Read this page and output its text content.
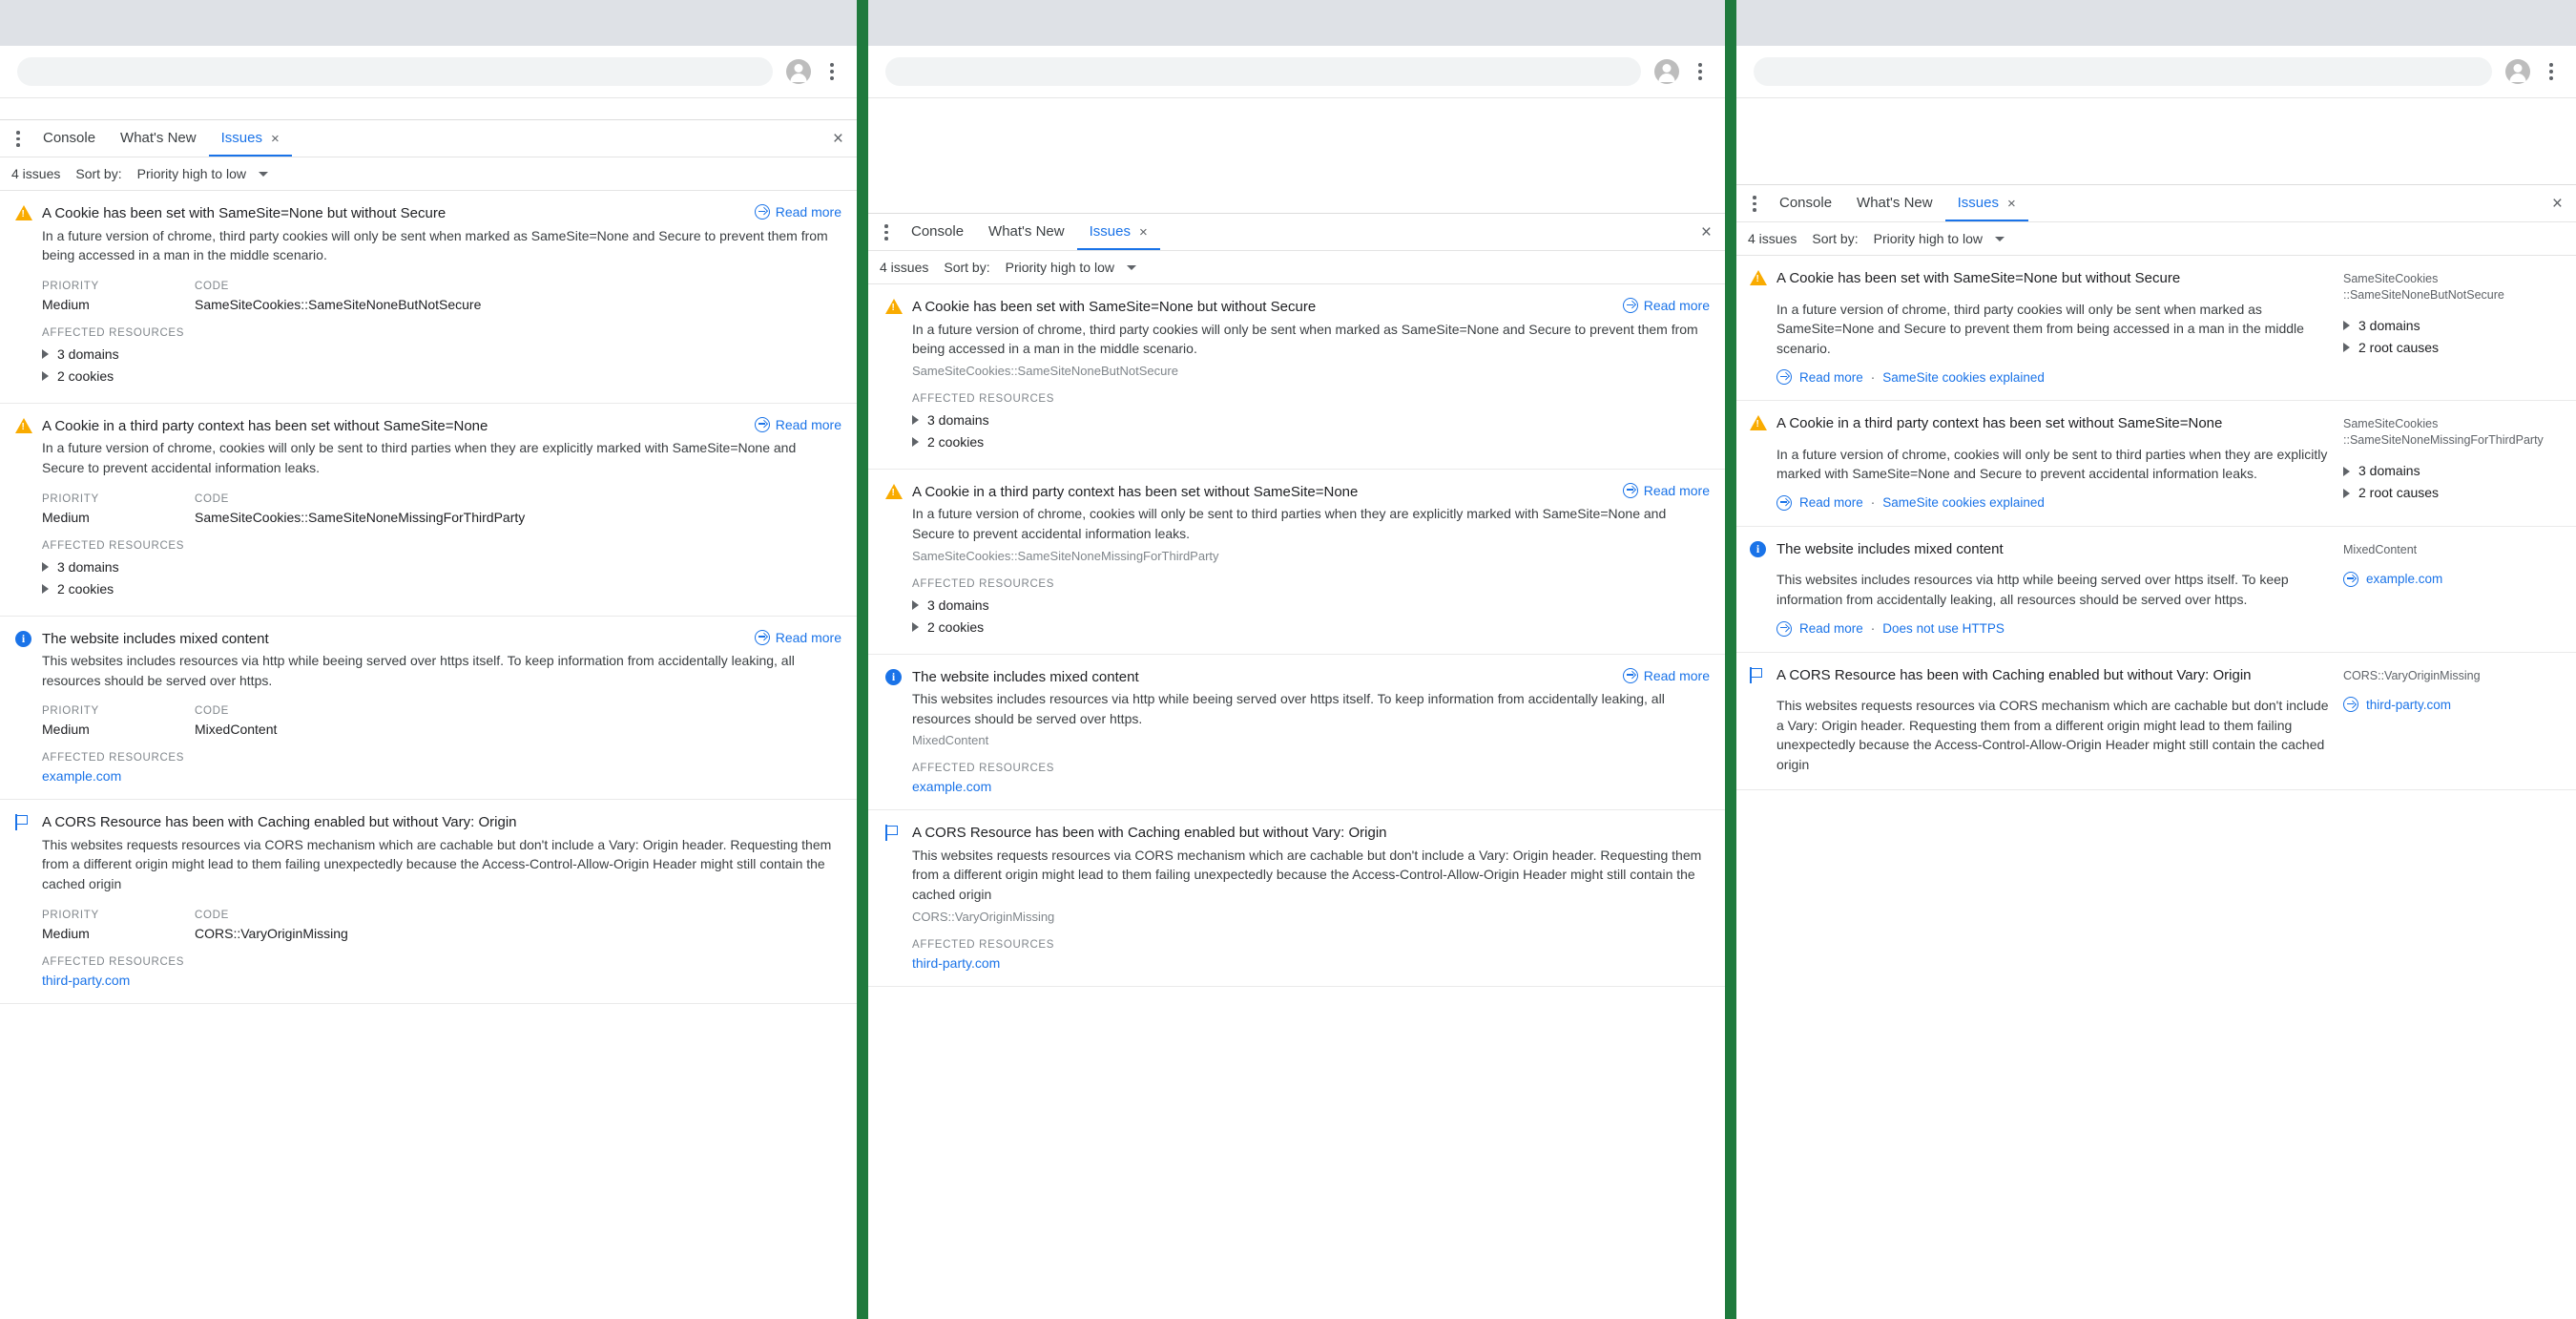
Console	What's New	Issues ×	×
4 issues Sort by: Priority high to low
!
A Cookie has been set with SameSite=None but without Secure	Read more
In a future version of chrome, third party cookies will only be sent when marked as SameSite=None and Secure to prevent them from being accessed in a man in the middle scenario.
PRIORITY
Medium
CODE
SameSiteCookies::SameSiteNoneButNotSecure
AFFECTED RESOURCES
3 domains
2 cookies
!
A Cookie in a third party context has been set without SameSite=None	Read more
In a future version of chrome, cookies will only be sent to third parties when they are explicitly marked with SameSite=None and Secure to prevent accidental information leaks.
PRIORITY
Medium
CODE
SameSiteCookies::SameSiteNoneMissingForThirdParty
AFFECTED RESOURCES
3 domains
2 cookies
i	The website includes mixed content	Read more
This websites includes resources via http while beeing served over https itself. To keep information from accidentally leaking, all resources should be served over https.
PRIORITY
Medium
CODE
MixedContent
AFFECTED RESOURCES
example.com
A CORS Resource has been with Caching enabled but without Vary: Origin
This websites requests resources via CORS mechanism which are cachable but don't include a Vary: Origin header. Requesting them from a different origin might lead to them failing unexpectedly because the Access-Control-Allow-Origin Header might still contain the cached origin
PRIORITY
Medium
CODE
CORS::VaryOriginMissing
AFFECTED RESOURCES
third-party.com
Console	What's New	Issues ×	×
4 issues Sort by: Priority high to low
!
A Cookie has been set with SameSite=None but without Secure	Read more
In a future version of chrome, third party cookies will only be sent when marked as SameSite=None and Secure to prevent them from being accessed in a man in the middle scenario.
SameSiteCookies::SameSiteNoneButNotSecure
AFFECTED RESOURCES
3 domains
2 cookies
!
A Cookie in a third party context has been set without SameSite=None	Read more
In a future version of chrome, cookies will only be sent to third parties when they are explicitly marked with SameSite=None and Secure to prevent accidental information leaks.
SameSiteCookies::SameSiteNoneMissingForThirdParty
AFFECTED RESOURCES
3 domains
2 cookies
i	The website includes mixed content	Read more
This websites includes resources via http while beeing served over https itself. To keep information from accidentally leaking, all resources should be served over https.
MixedContent
AFFECTED RESOURCES
example.com
A CORS Resource has been with Caching enabled but without Vary: Origin
This websites requests resources via CORS mechanism which are cachable but don't include a Vary: Origin header. Requesting them from a different origin might lead to them failing unexpectedly because the Access-Control-Allow-Origin Header might still contain the cached origin
CORS::VaryOriginMissing
AFFECTED RESOURCES
third-party.com
Console	What's New	Issues ×	×
4 issues Sort by: Priority high to low
!
A Cookie has been set with SameSite=None but without Secure
In a future version of chrome, third party cookies will only be sent when marked as SameSite=None and Secure to prevent them from being accessed in a man in the middle scenario.
Read more · SameSite cookies explained
SameSiteCookies
::SameSiteNoneButNotSecure
3 domains
2 root causes
!
A Cookie in a third party context has been set without SameSite=None
In a future version of chrome, cookies will only be sent to third parties when they are explicitly marked with SameSite=None and Secure to prevent accidental information leaks.
Read more · SameSite cookies explained
SameSiteCookies
::SameSiteNoneMissingForThirdParty
3 domains
2 root causes
i	The website includes mixed content
This websites includes resources via http while beeing served over https itself. To keep information from accidentally leaking, all resources should be served over https.
Read more · Does not use HTTPS
MixedContent
example.com
A CORS Resource has been with Caching enabled but without Vary: Origin
This websites requests resources via CORS mechanism which are cachable but don't include a Vary: Origin header. Requesting them from a different origin might lead to them failing unexpectedly because the Access-Control-Allow-Origin Header might still contain the cached origin
CORS::VaryOriginMissing
third-party.com
